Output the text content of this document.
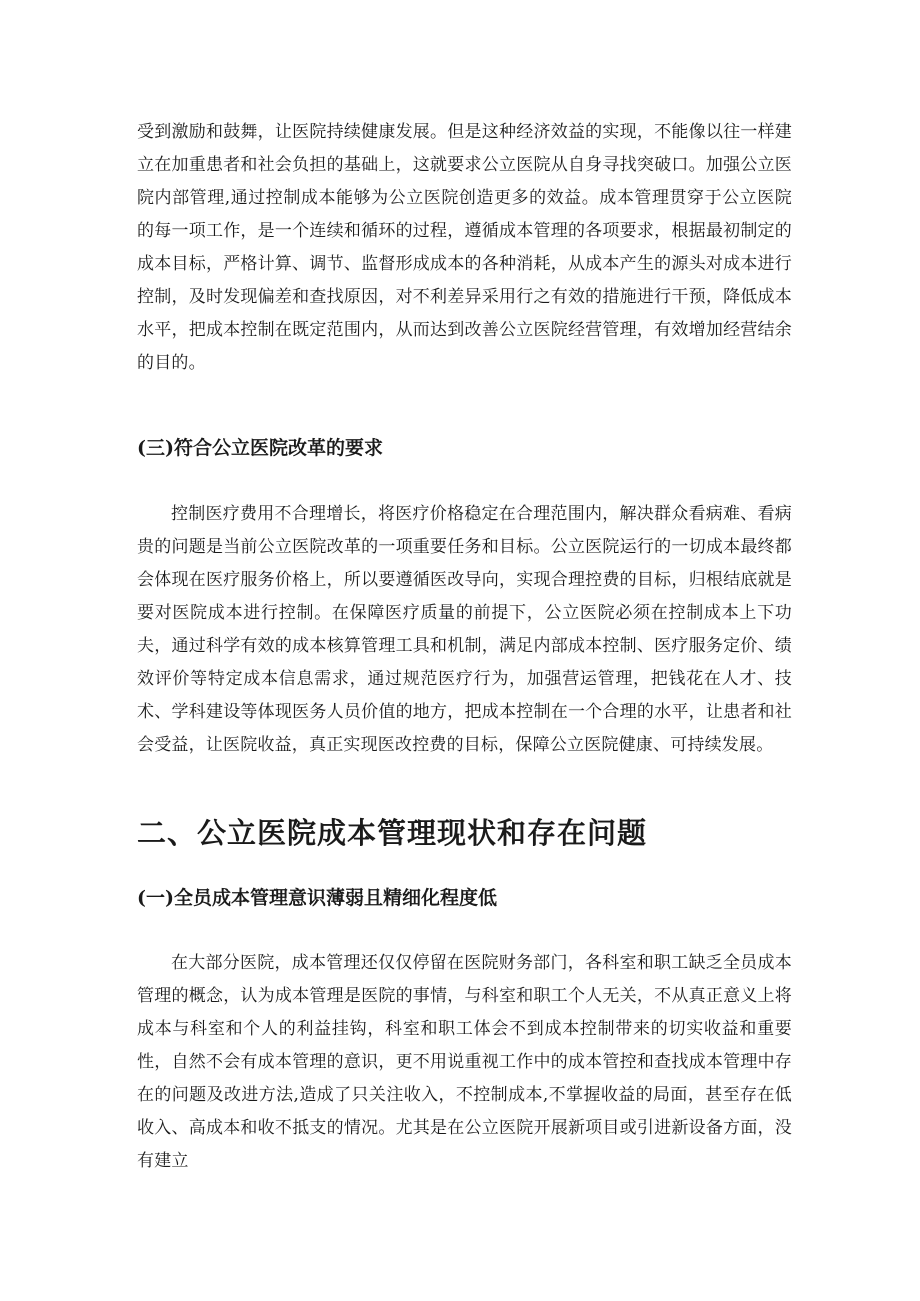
受到激励和鼓舞，让医院持续健康发展。但是这种经济效益的实现，不能像以往一样建立在加重患者和社会负担的基础上，这就要求公立医院从自身寻找突破口。加强公立医院内部管理,通过控制成本能够为公立医院创造更多的效益。成本管理贯穿于公立医院的每一项工作，是一个连续和循环的过程，遵循成本管理的各项要求，根据最初制定的成本目标，严格计算、调节、监督形成成本的各种消耗，从成本产生的源头对成本进行控制，及时发现偏差和查找原因，对不利差异采用行之有效的措施进行干预，降低成本水平，把成本控制在既定范围内，从而达到改善公立医院经营管理，有效增加经营结余的目的。

(三)符合公立医院改革的要求

控制医疗费用不合理增长，将医疗价格稳定在合理范围内，解决群众看病难、看病贵的问题是当前公立医院改革的一项重要任务和目标。公立医院运行的一切成本最终都会体现在医疗服务价格上，所以要遵循医改导向，实现合理控费的目标，归根结底就是要对医院成本进行控制。在保障医疗质量的前提下，公立医院必须在控制成本上下功夫，通过科学有效的成本核算管理工具和机制，满足内部成本控制、医疗服务定价、绩效评价等特定成本信息需求，通过规范医疗行为，加强营运管理，把钱花在人才、技术、学科建设等体现医务人员价值的地方，把成本控制在一个合理的水平，让患者和社会受益，让医院收益，真正实现医改控费的目标，保障公立医院健康、可持续发展。

二、公立医院成本管理现状和存在问题
(一)全员成本管理意识薄弱且精细化程度低

在大部分医院，成本管理还仅仅停留在医院财务部门，各科室和职工缺乏全员成本管理的概念，认为成本管理是医院的事情，与科室和职工个人无关，不从真正意义上将成本与科室和个人的利益挂钩，科室和职工体会不到成本控制带来的切实收益和重要性，自然不会有成本管理的意识，更不用说重视工作中的成本管控和查找成本管理中存在的问题及改进方法,造成了只关注收入，不控制成本,不掌握收益的局面，甚至存在低收入、高成本和收不抵支的情况。尤其是在公立医院开展新项目或引进新设备方面，没有建立
